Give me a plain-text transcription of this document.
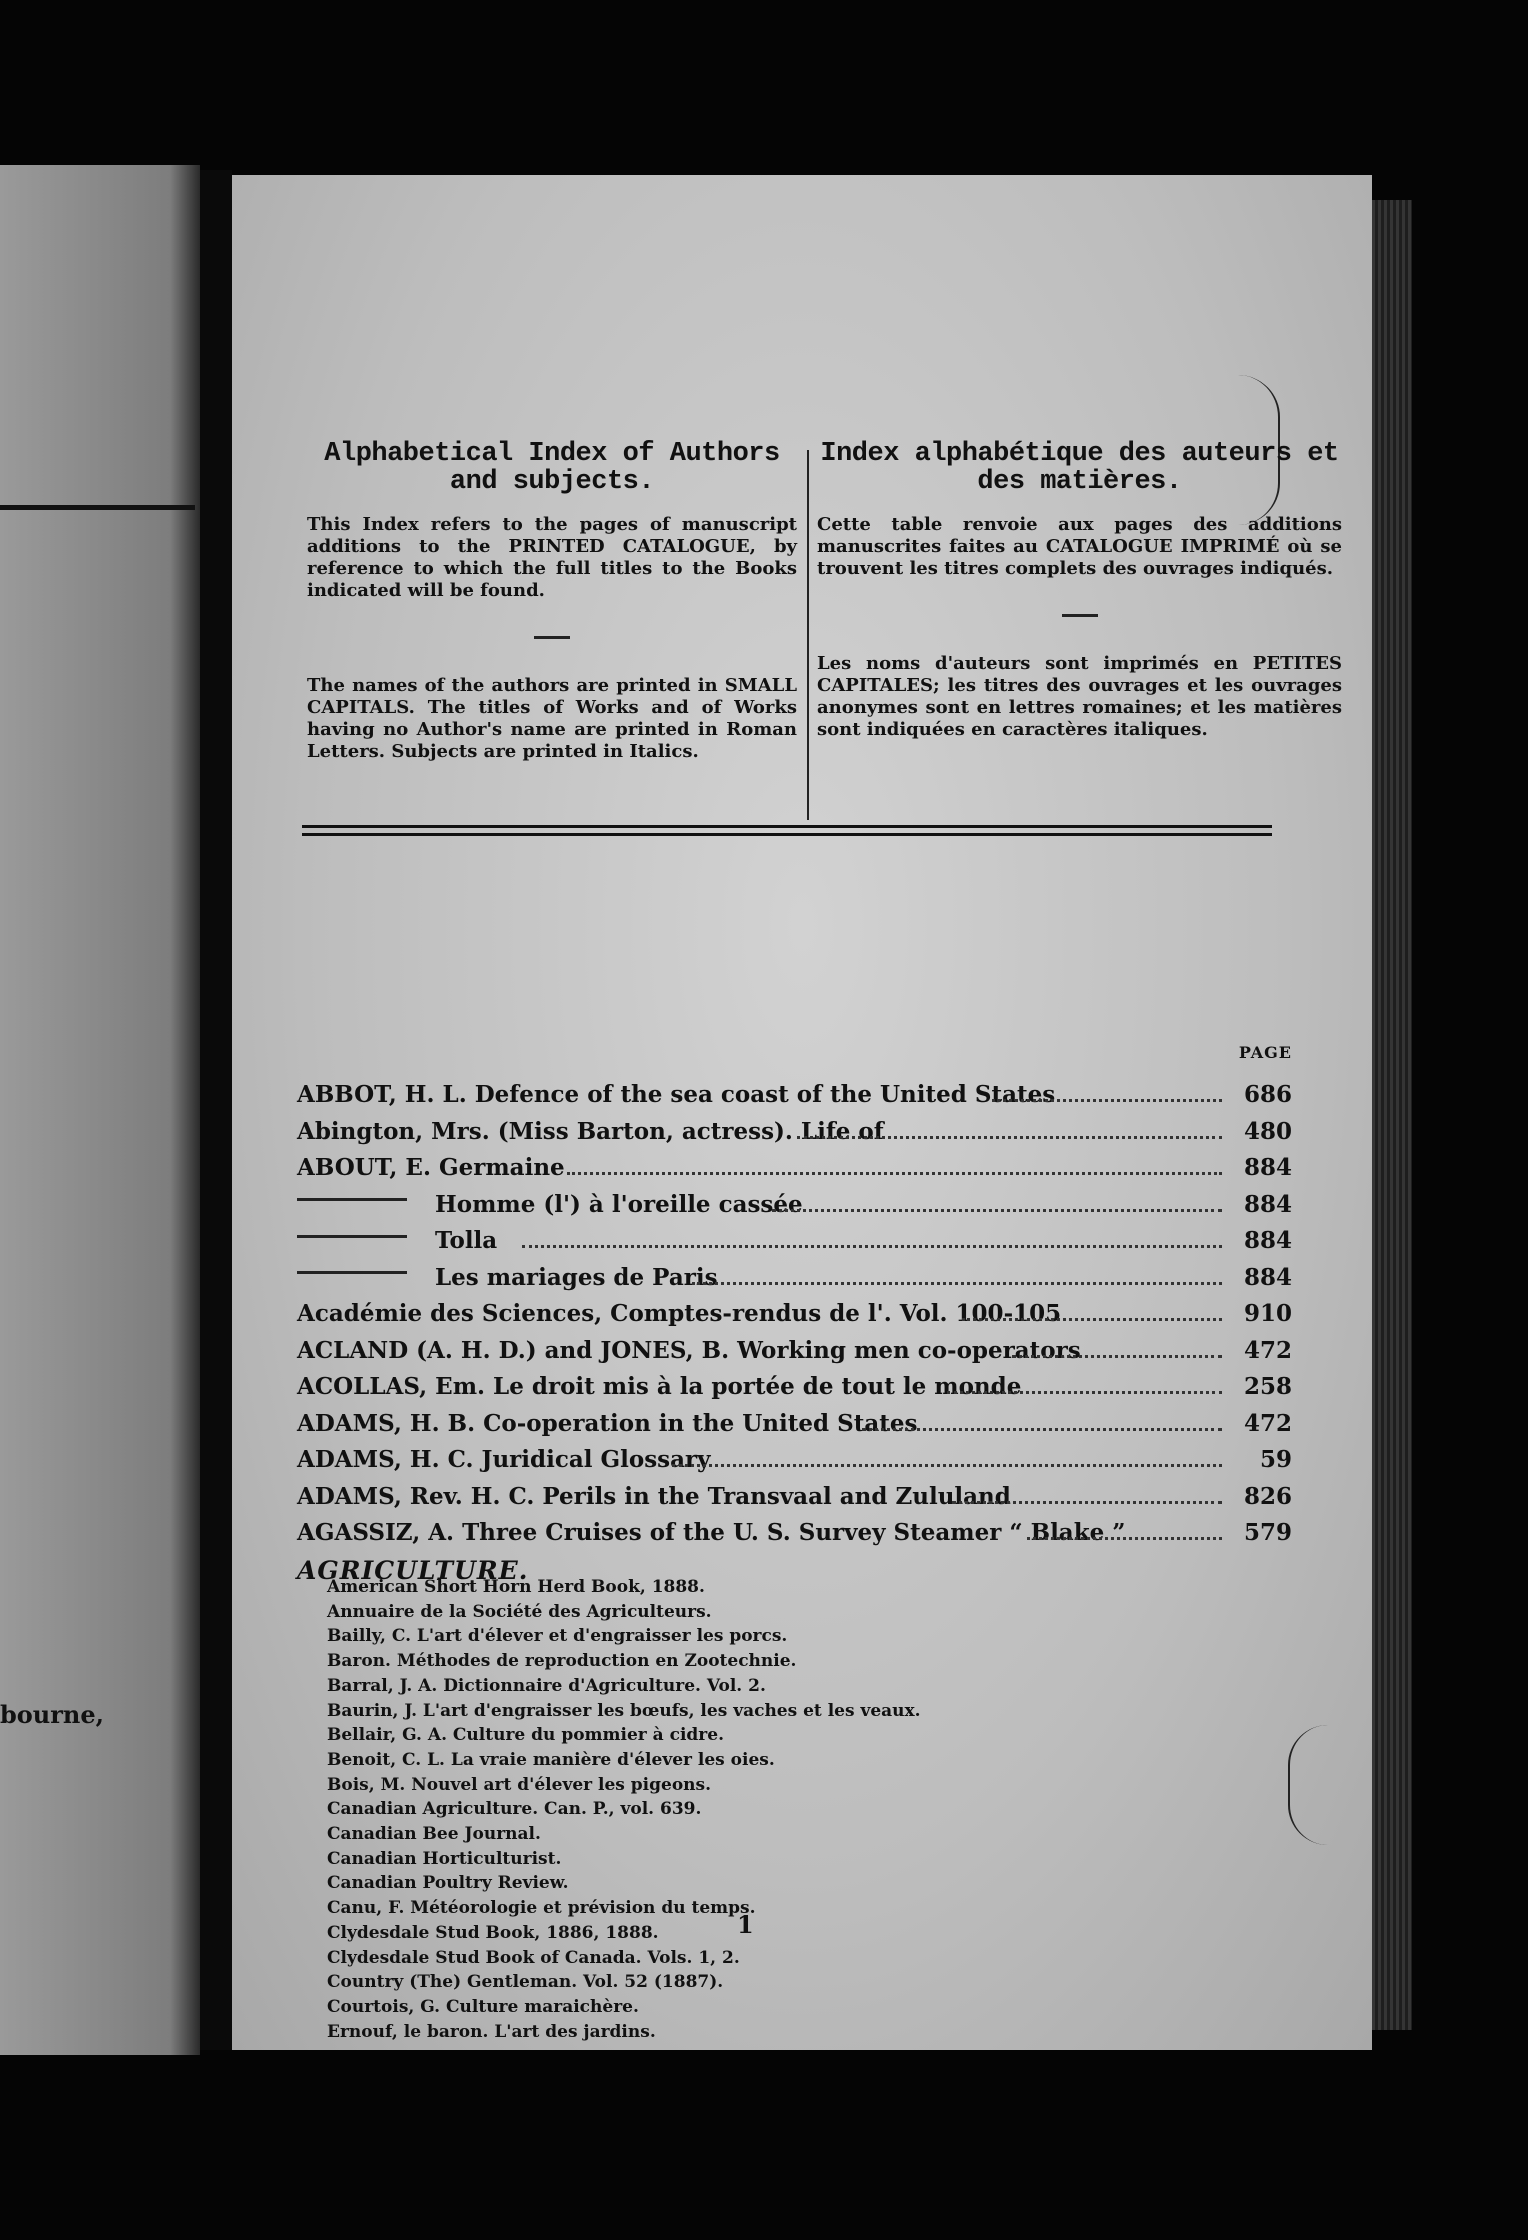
bourne,

Alphabetical Index of Authors and subjects.

This Index refers to the pages of manuscript additions to the PRINTED CATALOGUE, by reference to which the full titles to the Books indicated will be found.

The names of the authors are printed in SMALL CAPITALS. The titles of Works and of Works having no Author's name are printed in Roman Letters. Subjects are printed in Italics.

Index alphabétique des auteurs et des matières.

Cette table renvoie aux pages des additions manuscrites faites au CATALOGUE IMPRIMÉ où se trouvent les titres complets des ouvrages indiqués.

Les noms d'auteurs sont imprimés en PETITES CAPITALES; les titres des ouvrages et les ouvrages anonymes sont en lettres romaines; et les matières sont indiquées en caractères italiques.

PAGE
ABBOT, H. L. Defence of the sea coast of the United States	686
Abington, Mrs. (Miss Barton, actress). Life of	480
ABOUT, E. Germaine	884
Homme (l') à l'oreille cassée	884
Tolla	884
Les mariages de Paris	884
Académie des Sciences, Comptes-rendus de l'. Vol. 100-105	910
ACLAND (A. H. D.) and JONES, B. Working men co-operators	472
ACOLLAS, Em. Le droit mis à la portée de tout le monde	258
ADAMS, H. B. Co-operation in the United States	472
ADAMS, H. C. Juridical Glossary	59
ADAMS, Rev. H. C. Perils in the Transvaal and Zululand	826
AGASSIZ, A. Three Cruises of the U. S. Survey Steamer “ Blake ”	579
AGRICULTURE.
American Short Horn Herd Book, 1888.
Annuaire de la Société des Agriculteurs.
Bailly, C. L'art d'élever et d'engraisser les porcs.
Baron. Méthodes de reproduction en Zootechnie.
Barral, J. A. Dictionnaire d'Agriculture. Vol. 2.
Baurin, J. L'art d'engraisser les bœufs, les vaches et les veaux.
Bellair, G. A. Culture du pommier à cidre.
Benoit, C. L. La vraie manière d'élever les oies.
Bois, M. Nouvel art d'élever les pigeons.
Canadian Agriculture. Can. P., vol. 639.
Canadian Bee Journal.
Canadian Horticulturist.
Canadian Poultry Review.
Canu, F. Météorologie et prévision du temps.
Clydesdale Stud Book, 1886, 1888.
Clydesdale Stud Book of Canada. Vols. 1, 2.
Country (The) Gentleman. Vol. 52 (1887).
Courtois, G. Culture maraichère.
Ernouf, le baron. L'art des jardins.
1
